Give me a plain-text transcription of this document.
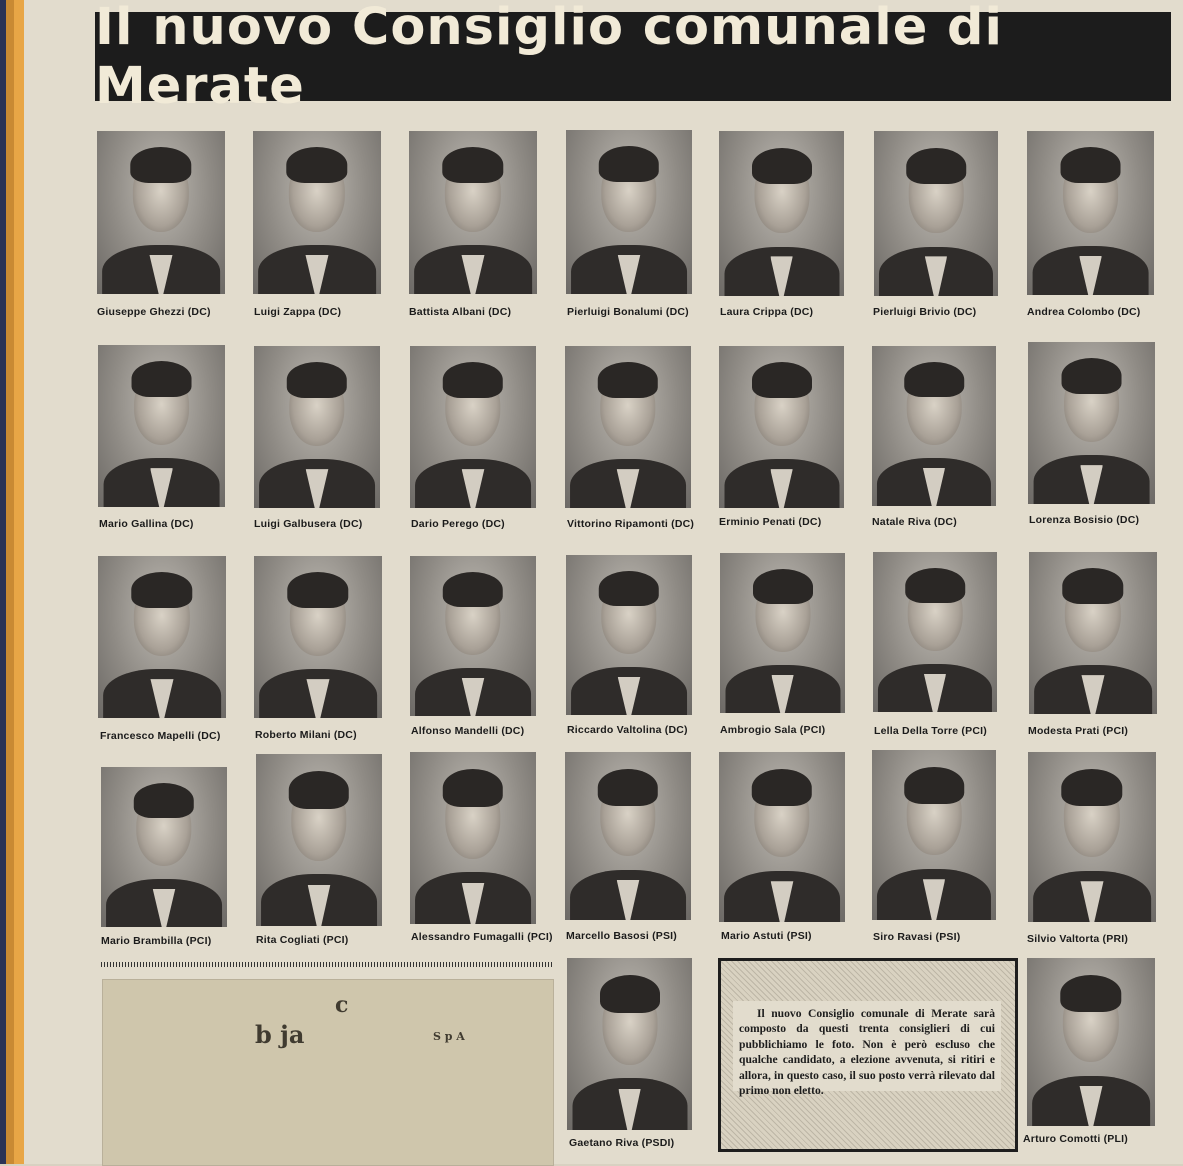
Il nuovo Consiglio comunale di Merate
Giuseppe Ghezzi (DC)	Luigi Zappa (DC)	Battista Albani (DC)	Pierluigi Bonalumi (DC)	Laura Crippa (DC)	Pierluigi Brivio (DC)	Andrea Colombo (DC)
Mario Gallina (DC)	Luigi Galbusera (DC)	Dario Perego (DC)	Vittorino Ripamonti (DC) Erminio Penati (DC)	Natale Riva (DC)	Lorenza Bosisio (DC)
Francesco Mapelli (DC)	Roberto Milani (DC)	Alfonso Mandelli (DC)	Riccardo Valtolina (DC)	Ambrogio Sala (PCI)	Lella Della Torre (PCI)	Modesta Prati (PCI)
Mario Brambilla (PCI)	Rita Cogliati (PCI)	Alessandro Fumagalli (PCI) Marcello Basosi (PSI)	Mario Astuti (PSI)	Siro Ravasi (PSI)	Silvio Valtorta (PRI)
Gaetano Riva (PSDI)	Arturo Comotti (PLI)
c
b ja	S p A
Il nuovo Consiglio comunale di Merate sarà composto da questi trenta consiglieri di cui pubblichiamo le foto. Non è però escluso che qualche candidato, a elezione avvenuta, si ritiri e allora, in questo caso, il suo posto verrà rilevato dal primo non eletto.
